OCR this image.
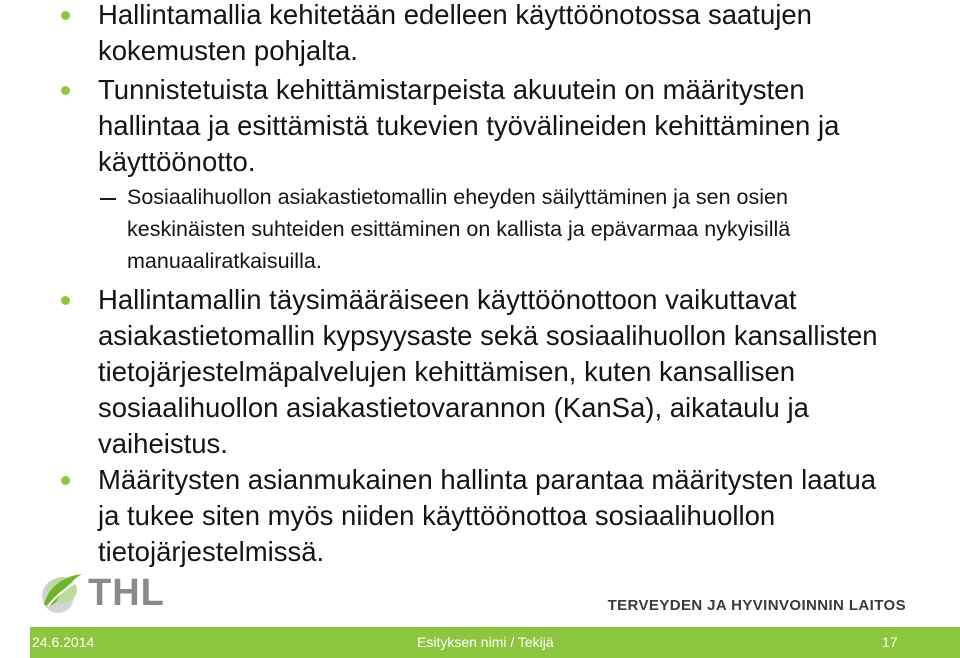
Hallintamallia kehitetään edelleen käyttöönotossa saatujen kokemusten pohjalta.
Tunnistetuista kehittämistarpeista akuutein on määritysten hallintaa ja esittämistä tukevien työvälineiden kehittäminen ja käyttöönotto.
Sosiaalihuollon asiakastietomallin eheyden säilyttäminen ja sen osien keskinäisten suhteiden esittäminen on kallista ja epävarmaa nykyisillä manuaaliratkaisuilla.
Hallintamallin täysimääräiseen käyttöönottoon vaikuttavat asiakastietomallin kypsyysaste sekä sosiaalihuollon kansallisten tietojärjestelmäpalvelujen kehittämisen, kuten kansallisen sosiaalihuollon asiakastietovarannon (KanSa), aikataulu ja vaiheistus.
Määritysten asianmukainen hallinta parantaa määritysten laatua ja tukee siten myös niiden käyttöönottoa sosiaalihuollon tietojärjestelmissä.
THL	TERVEYDEN JA HYVINVOINNIN LAITOS
24.6.2014	Esityksen nimi / Tekijä	17
